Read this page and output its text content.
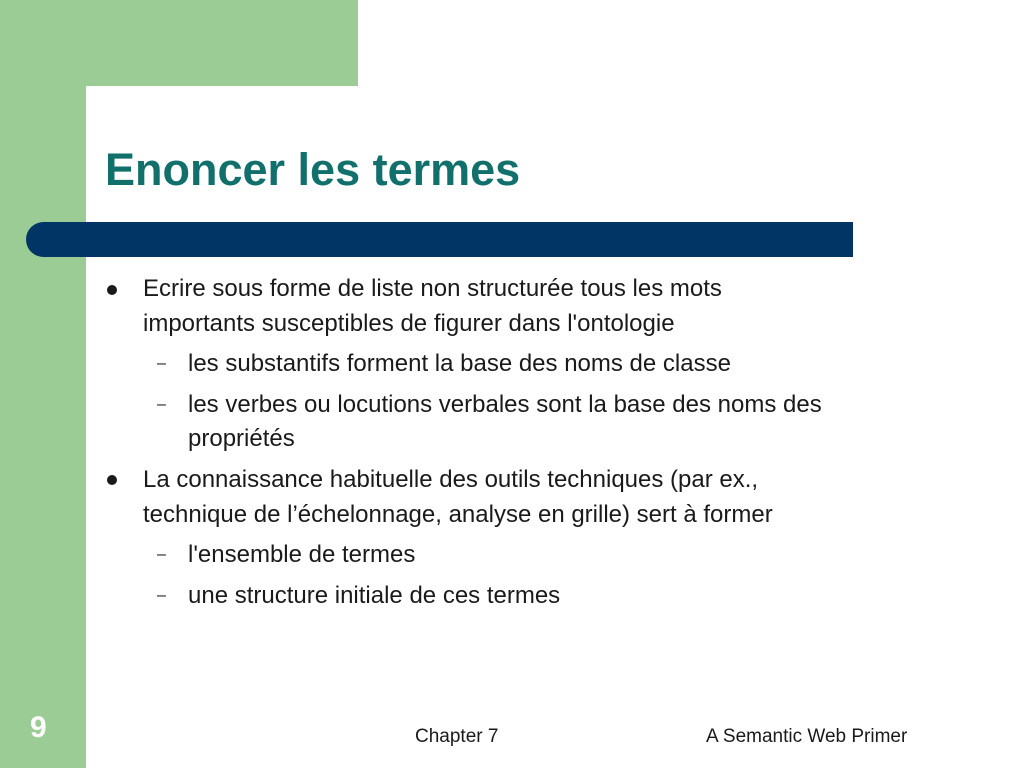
Enoncer les termes
Ecrire sous forme de liste non structurée tous les mots
importants susceptibles de figurer dans l'ontologie
– les substantifs forment la base des noms de classe
– les verbes ou locutions verbales sont la base des noms des
propriétés
La connaissance habituelle des outils techniques (par ex.,
technique de l’échelonnage, analyse en grille) sert à former
– l'ensemble de termes
– une structure initiale de ces termes
9	Chapter 7	A Semantic Web Primer
